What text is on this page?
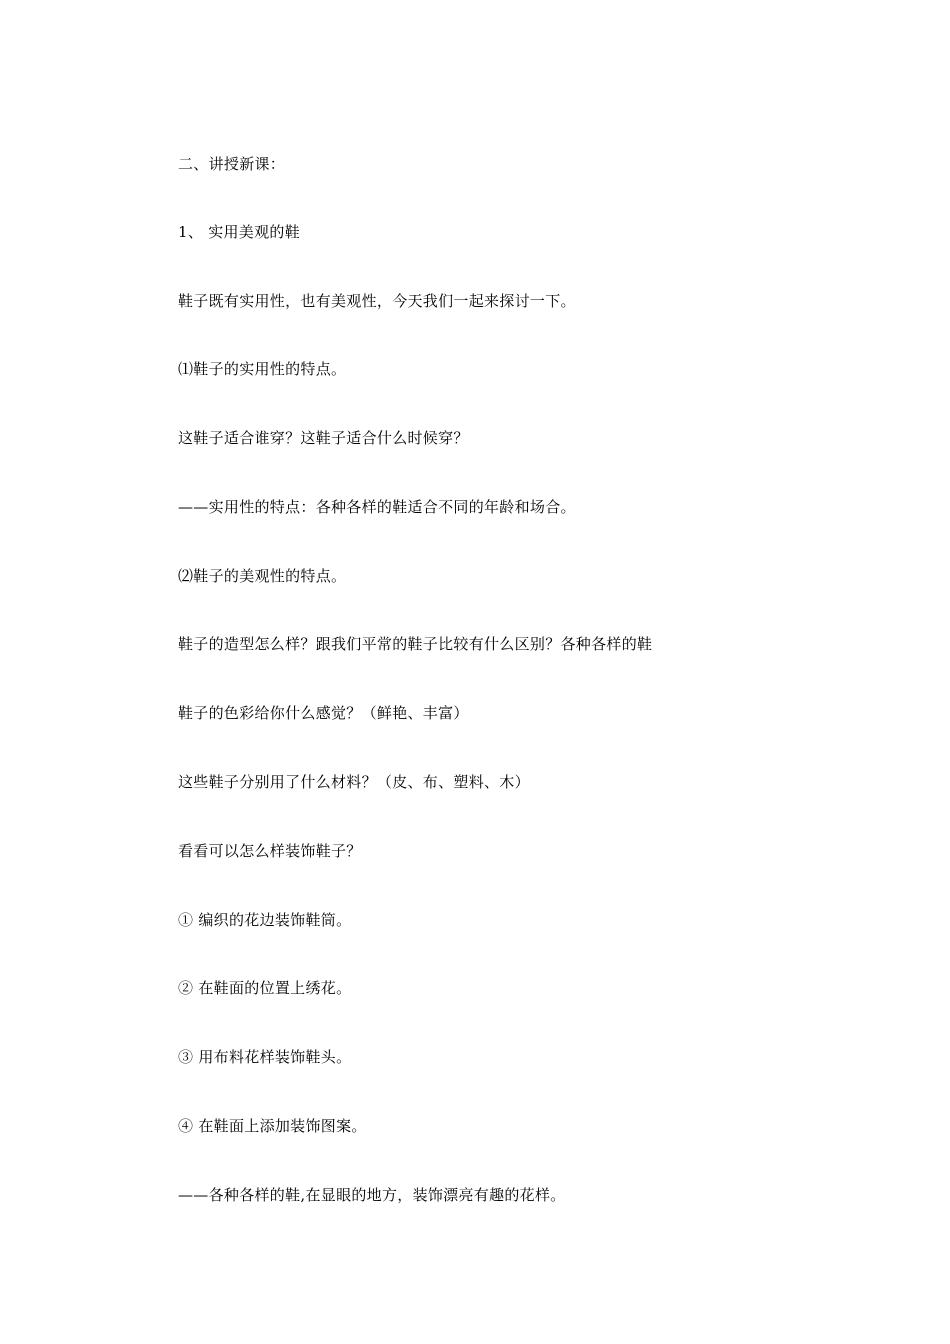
二、讲授新课：
1、 实用美观的鞋
鞋子既有实用性，也有美观性，今天我们一起来探讨一下。
⑴鞋子的实用性的特点。
这鞋子适合谁穿？这鞋子适合什么时候穿？
——实用性的特点：各种各样的鞋适合不同的年龄和场合。
⑵鞋子的美观性的特点。
鞋子的造型怎么样？跟我们平常的鞋子比较有什么区别？各种各样的鞋
鞋子的色彩给你什么感觉？（鲜艳、丰富）
这些鞋子分别用了什么材料？（皮、布、塑料、木）
看看可以怎么样装饰鞋子？
① 编织的花边装饰鞋筒。
② 在鞋面的位置上绣花。
③ 用布料花样装饰鞋头。
④ 在鞋面上添加装饰图案。
——各种各样的鞋,在显眼的地方，装饰漂亮有趣的花样。
